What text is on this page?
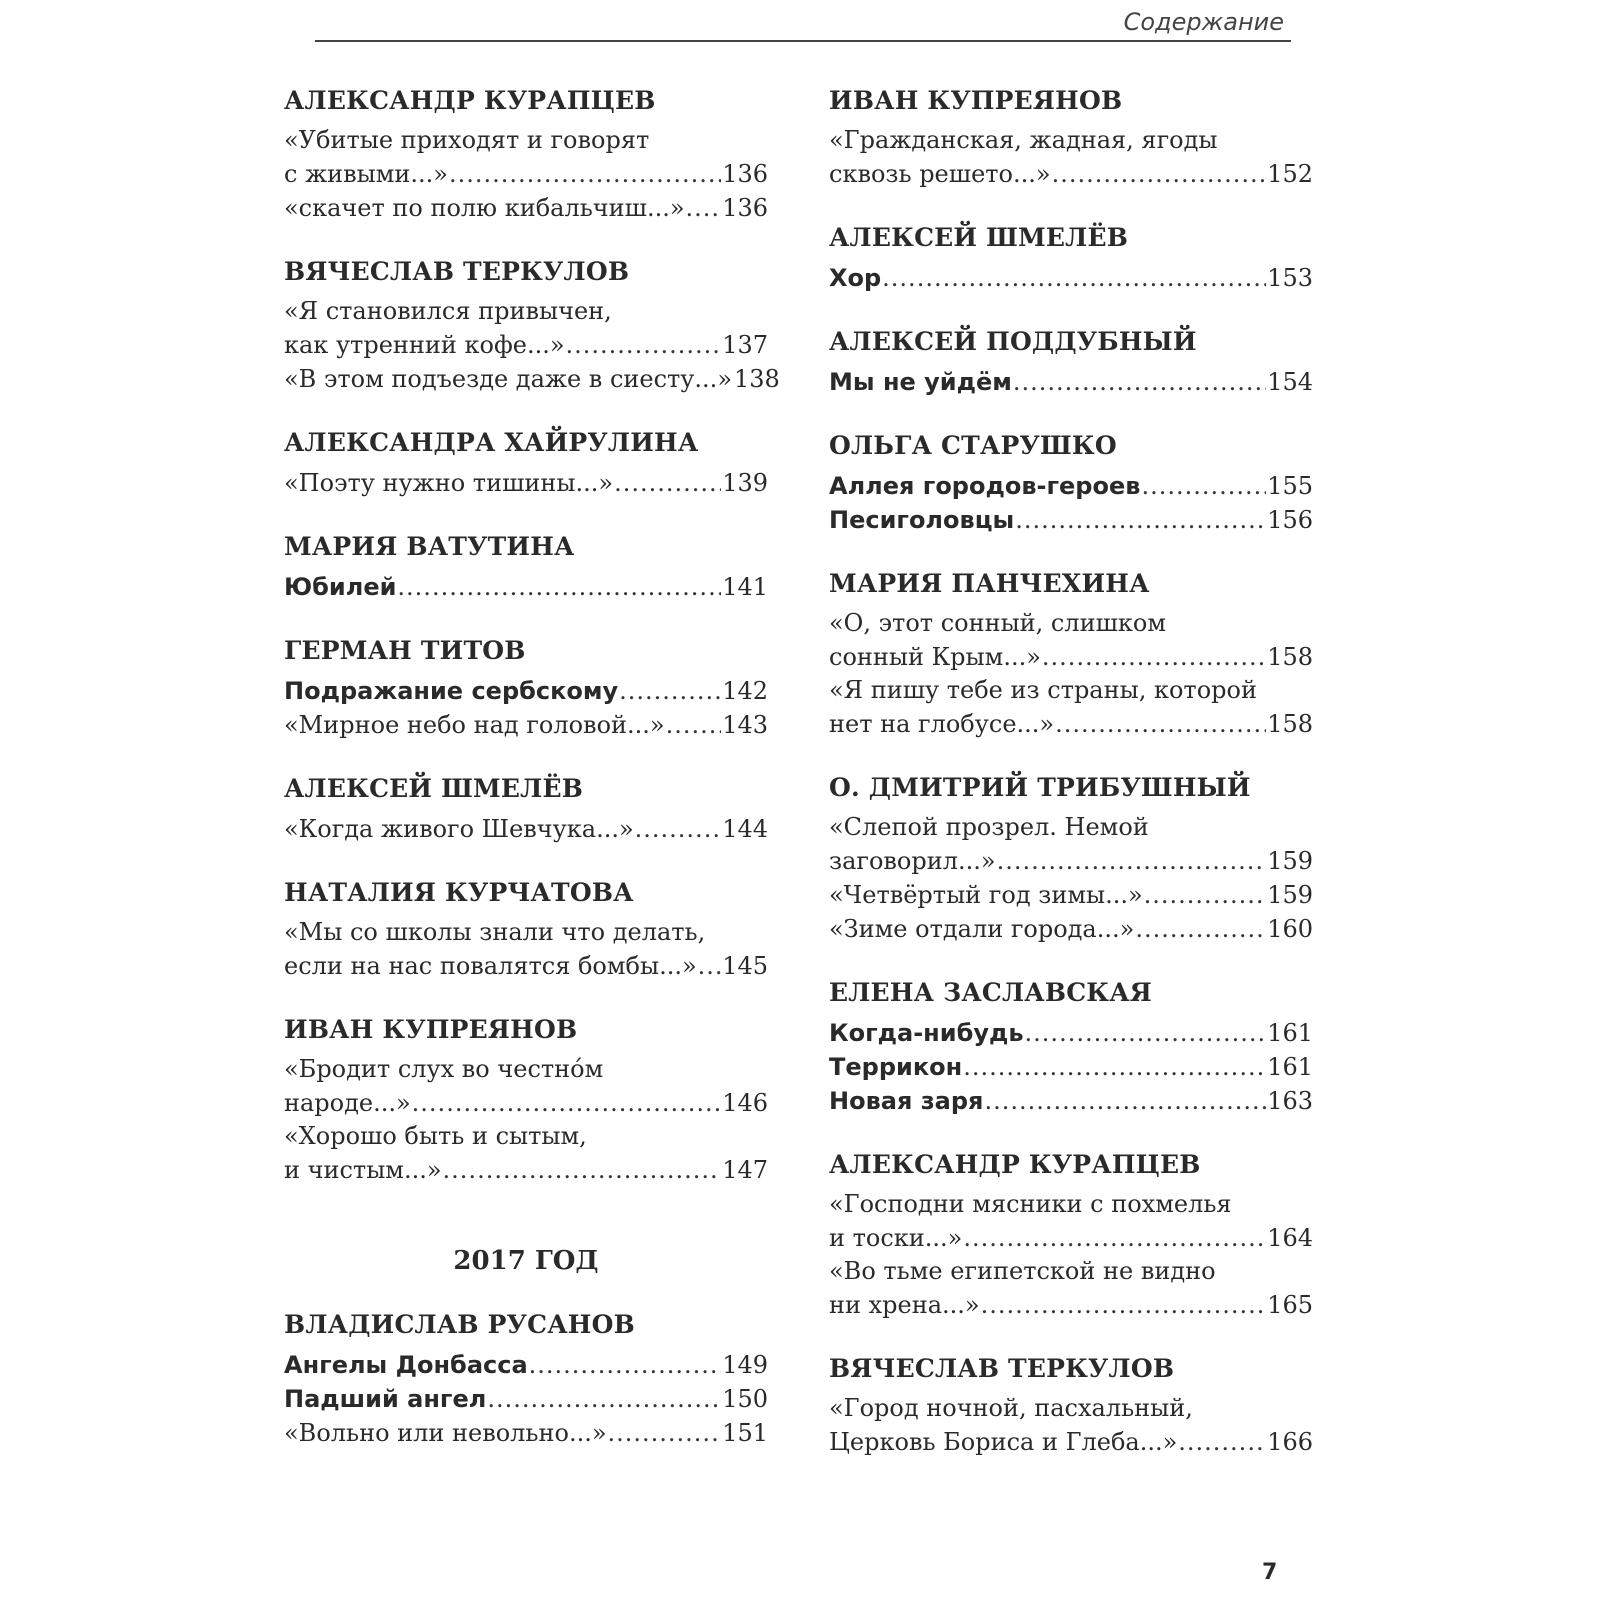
Содержание
АЛЕКСАНДР КУРАПЦЕВ
«Убитые приходят и говорят
с живыми...» .....	136
«скачет по полю кибальчиш...» ..... 136
ВЯЧЕСЛАВ ТЕРКУЛОВ
«Я становился привычен,
как утренний кофе...» .....	137
«В этом подъезде даже в сиесту...» 138
АЛЕКСАНДРА ХАЙРУЛИНА
«Поэту нужно тишины...» .....	139
МАРИЯ ВАТУТИНА
Юбилей .....	141
ГЕРМАН ТИТОВ
Подражание сербскому .....	142
«Мирное небо над головой...» ..... 143
АЛЕКСЕЙ ШМЕЛЁВ
«Когда живого Шевчука...» .....	144
НАТАЛИЯ КУРЧАТОВА
«Мы со школы знали что делать,
если на нас повалятся бомбы...» ..... 145
ИВАН КУПРЕЯНОВ
«Бродит слух во честно́м
народе...» .....	146
«Хорошо быть и сытым,
и чистым...» .....	147
2017 ГОД
ВЛАДИСЛАВ РУСАНОВ
Ангелы Донбасса .....	149
Падший ангел .....	150
«Вольно или невольно...» .....	151
ИВАН КУПРЕЯНОВ
«Гражданская, жадная, ягоды
сквозь решето...» .....	152
АЛЕКСЕЙ ШМЕЛЁВ
Хор .....	153
АЛЕКСЕЙ ПОДДУБНЫЙ
Мы не уйдём .....	154
ОЛЬГА СТАРУШКО
Аллея городов-героев .....	155
Песиголовцы .....	156
МАРИЯ ПАНЧЕХИНА
«О, этот сонный, слишком
сонный Крым...» .....	158
«Я пишу тебе из страны, которой
нет на глобусе...» .....	158
О. ДМИТРИЙ ТРИБУШНЫЙ
«Слепой прозрел. Немой
заговорил...» .....	159
«Четвёртый год зимы...» .....	159
«Зиме отдали города...» .....	160
ЕЛЕНА ЗАСЛАВСКАЯ
Когда-нибудь .....	161
Террикон .....	161
Новая заря .....	163
АЛЕКСАНДР КУРАПЦЕВ
«Господни мясники с похмелья
и тоски...» .....	164
«Во тьме египетской не видно
ни хрена...» .....	165
ВЯЧЕСЛАВ ТЕРКУЛОВ
«Город ночной, пасхальный,
Церковь Бориса и Глеба...» .....	166
7
